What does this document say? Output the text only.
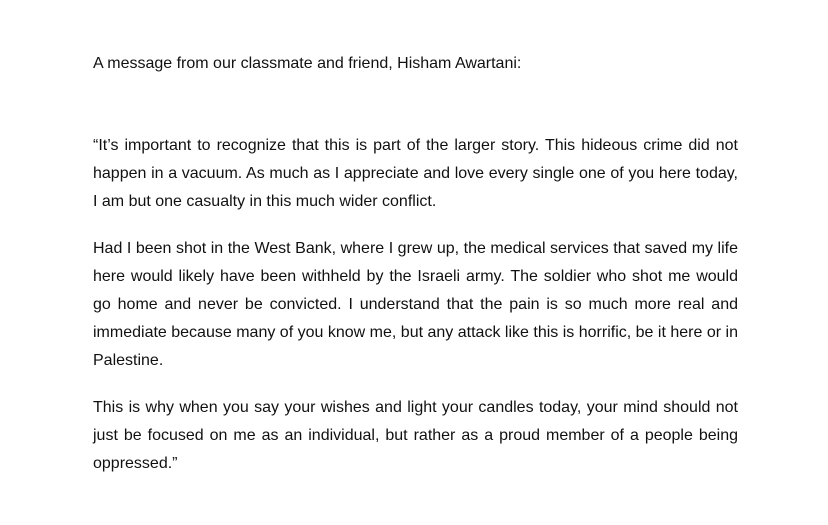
A message from our classmate and friend, Hisham Awartani:

“It’s important to recognize that this is part of the larger story. This hideous crime did not happen in a vacuum. As much as I appreciate and love every single one of you here today, I am but one casualty in this much wider conflict.

Had I been shot in the West Bank, where I grew up, the medical services that saved my life here would likely have been withheld by the Israeli army. The soldier who shot me would go home and never be convicted. I understand that the pain is so much more real and immediate because many of you know me, but any attack like this is horrific, be it here or in Palestine.

This is why when you say your wishes and light your candles today, your mind should not just be focused on me as an individual, but rather as a proud member of a people being oppressed.”
